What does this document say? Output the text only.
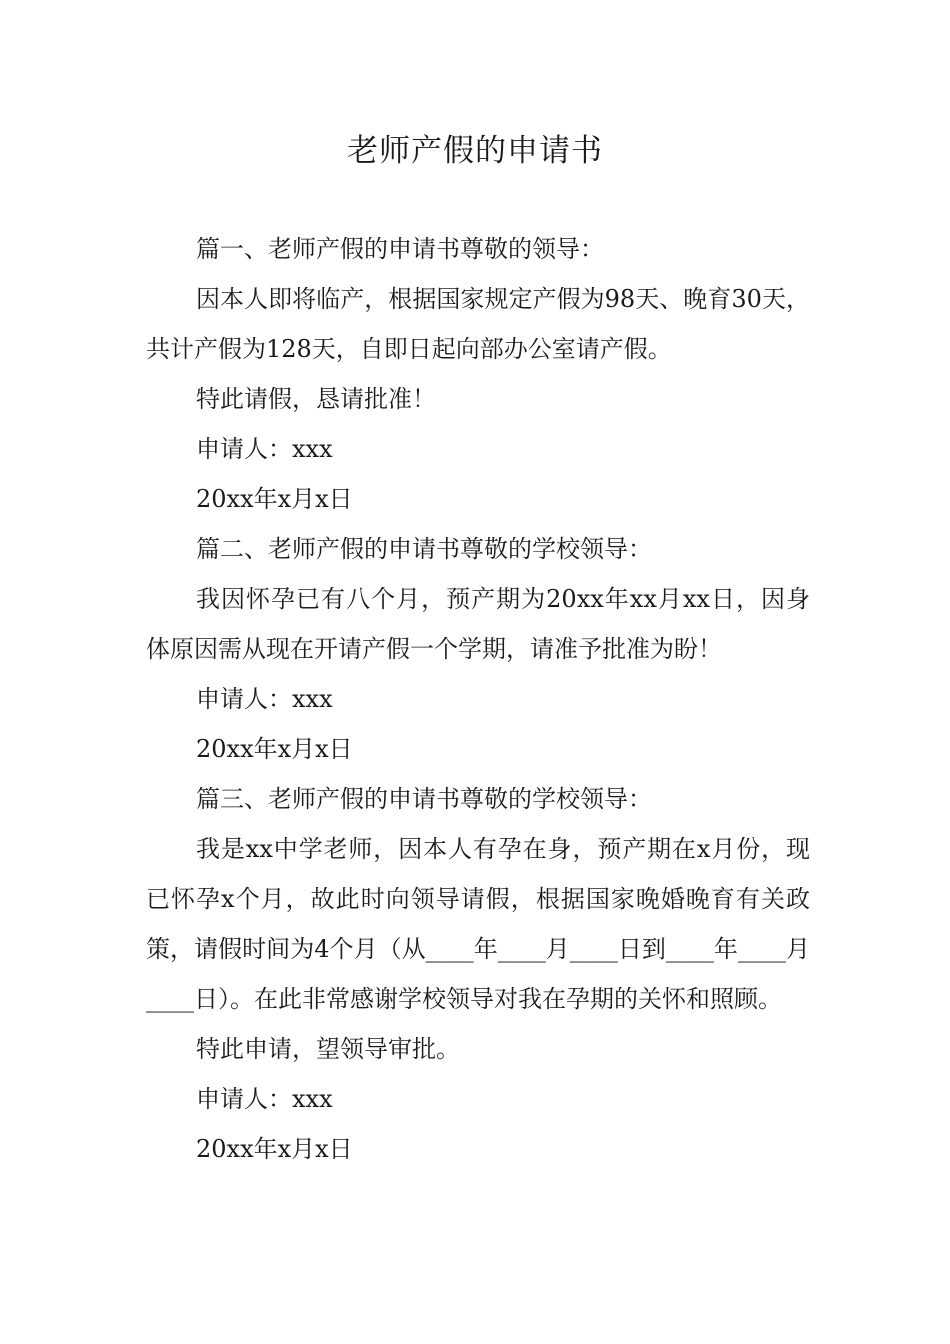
老师产假的申请书

篇一、老师产假的申请书尊敬的领导：

因本人即将临产，根据国家规定产假为98天、晚育30天，共计产假为128天，自即日起向部办公室请产假。

特此请假，恳请批准！

申请人：xxx

20xx年x月x日

篇二、老师产假的申请书尊敬的学校领导：

我因怀孕已有八个月，预产期为20xx年xx月xx日，因身体原因需从现在开请产假一个学期，请准予批准为盼！

申请人：xxx

20xx年x月x日

篇三、老师产假的申请书尊敬的学校领导：

我是xx中学老师，因本人有孕在身，预产期在x月份，现已怀孕x个月，故此时向领导请假，根据国家晚婚晚育有关政策，请假时间为4个月（从____年____月____日到____年____月____日）。在此非常感谢学校领导对我在孕期的关怀和照顾。

特此申请，望领导审批。

申请人：xxx

20xx年x月x日
